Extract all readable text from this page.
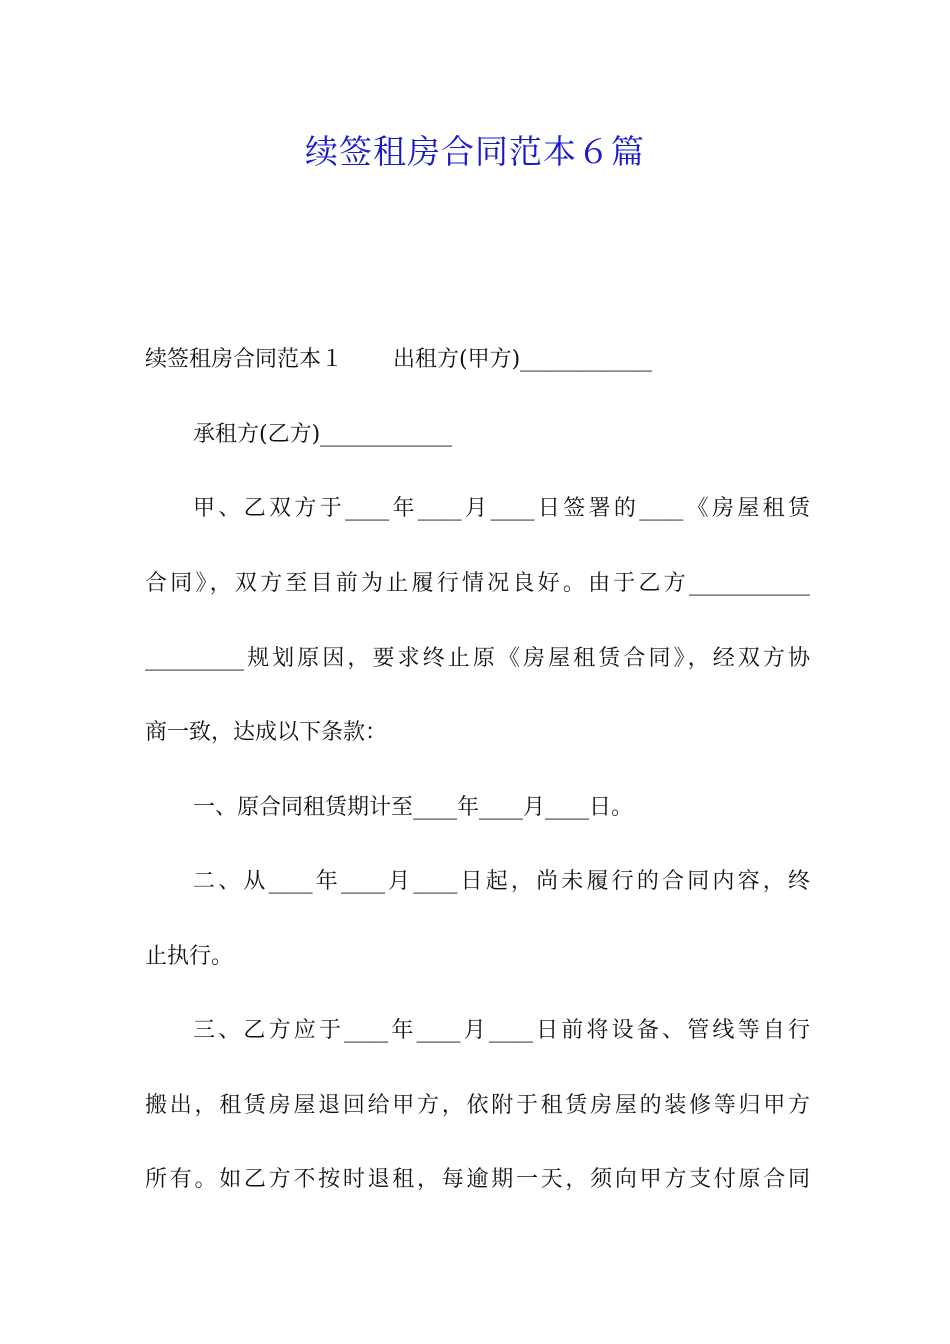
续签租房合同范本６篇

续签租房合同范本１ 出租方(甲方)____________

承租方(乙方)____________

甲、乙双方于____年____月____日签署的____《房屋租赁

合同》，双方至目前为止履行情况良好。由于乙方___________

_________规划原因，要求终止原《房屋租赁合同》，经双方协

商一致，达成以下条款：

一、原合同租赁期计至____年____月____日。

二、从____年____月____日起，尚未履行的合同内容，终

止执行。

三、乙方应于____年____月____日前将设备、管线等自行

搬出，租赁房屋退回给甲方，依附于租赁房屋的装修等归甲方

所有。如乙方不按时退租，每逾期一天，须向甲方支付原合同
